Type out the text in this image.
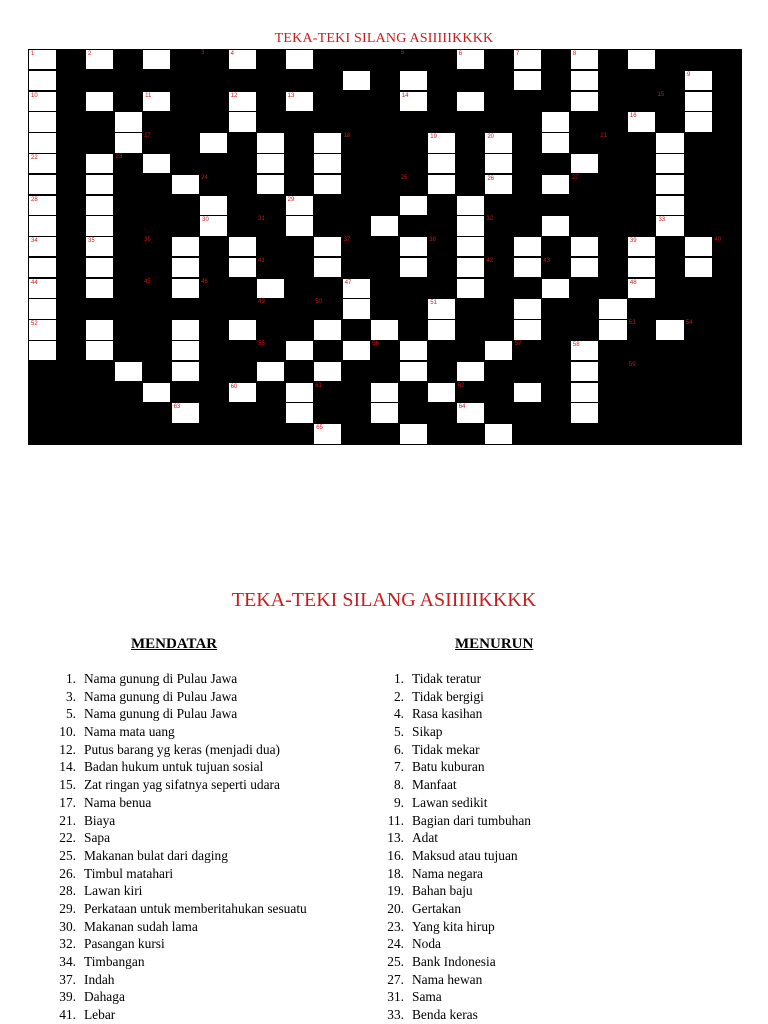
TEKA-TEKI SILANG ASIIIIIKKKK
1	2	3	4	5	6	7	8
9
10	11	12	13	14	15
16
17	18	19	20	21
22	23
24	25	26	27
28	29
30	31	32	33
34	35	36	37	38	39	40
41	42	43
44	45	46	47	48
49	50	51
52	53	54
55	56	57	58
59
60	61	62
63	64
65
TEKA-TEKI SILANG ASIIIIIKKKK
MENDATAR	MENURUN
1. Nama gunung di Pulau Jawa
3. Nama gunung di Pulau Jawa
5. Nama gunung di Pulau Jawa
10. Nama mata uang
12. Putus barang yg keras (menjadi dua)
14. Badan hukum untuk tujuan sosial
15. Zat ringan yag sifatnya seperti udara
17. Nama benua
21. Biaya
22. Sapa
25. Makanan bulat dari daging
26. Timbul matahari
28. Lawan kiri
29. Perkataan untuk memberitahukan sesuatu
30. Makanan sudah lama
32. Pasangan kursi
34. Timbangan
37. Indah
39. Dahaga
41. Lebar
1. Tidak teratur
2. Tidak bergigi
4. Rasa kasihan
5. Sikap
6. Tidak mekar
7. Batu kuburan
8. Manfaat
9. Lawan sedikit
11. Bagian dari tumbuhan
13. Adat
16. Maksud atau tujuan
18. Nama negara
19. Bahan baju
20. Gertakan
23. Yang kita hirup
24. Noda
25. Bank Indonesia
27. Nama hewan
31. Sama
33. Benda keras
